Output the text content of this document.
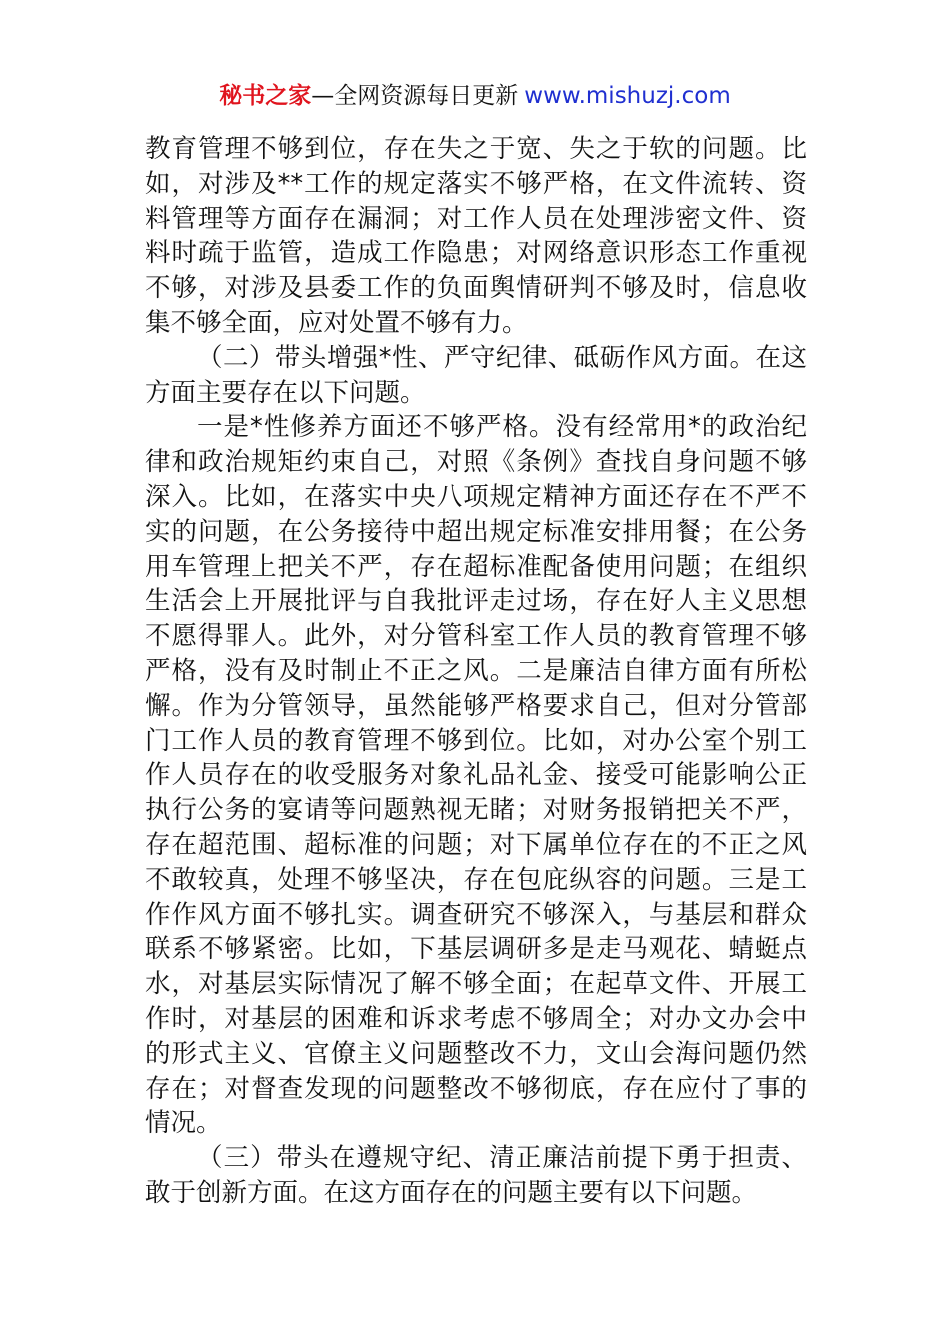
秘书之家—全网资源每日更新 www.mishuzj.com

教育管理不够到位，存在失之于宽、失之于软的问题。比如，对涉及**工作的规定落实不够严格，在文件流转、资料管理等方面存在漏洞；对工作人员在处理涉密文件、资料时疏于监管，造成工作隐患；对网络意识形态工作重视不够，对涉及县委工作的负面舆情研判不够及时，信息收集不够全面，应对处置不够有力。

（二）带头增强*性、严守纪律、砥砺作风方面。在这方面主要存在以下问题。

一是*性修养方面还不够严格。没有经常用*的政治纪律和政治规矩约束自己，对照《条例》查找自身问题不够深入。比如，在落实中央八项规定精神方面还存在不严不实的问题，在公务接待中超出规定标准安排用餐；在公务用车管理上把关不严，存在超标准配备使用问题；在组织生活会上开展批评与自我批评走过场，存在好人主义思想不愿得罪人。此外，对分管科室工作人员的教育管理不够严格，没有及时制止不正之风。二是廉洁自律方面有所松懈。作为分管领导，虽然能够严格要求自己，但对分管部门工作人员的教育管理不够到位。比如，对办公室个别工作人员存在的收受服务对象礼品礼金、接受可能影响公正执行公务的宴请等问题熟视无睹；对财务报销把关不严，存在超范围、超标准的问题；对下属单位存在的不正之风不敢较真，处理不够坚决，存在包庇纵容的问题。三是工作作风方面不够扎实。调查研究不够深入，与基层和群众联系不够紧密。比如，下基层调研多是走马观花、蜻蜓点水，对基层实际情况了解不够全面；在起草文件、开展工作时，对基层的困难和诉求考虑不够周全；对办文办会中的形式主义、官僚主义问题整改不力，文山会海问题仍然存在；对督查发现的问题整改不够彻底，存在应付了事的情况。

（三）带头在遵规守纪、清正廉洁前提下勇于担责、敢于创新方面。在这方面存在的问题主要有以下问题。
